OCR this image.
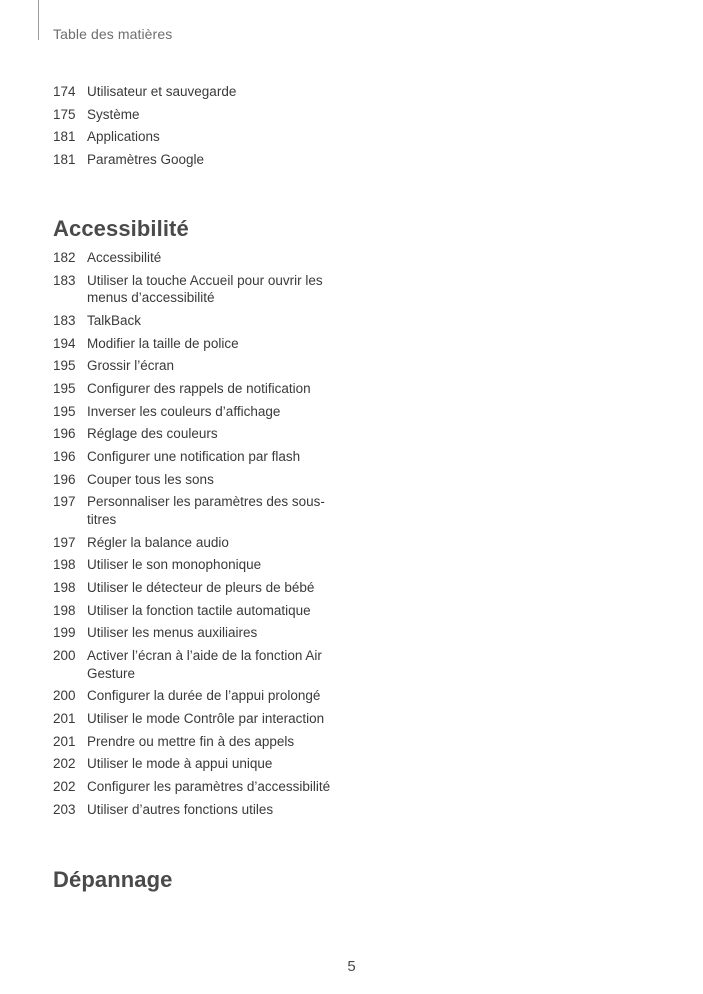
Table des matières
174 Utilisateur et sauvegarde
175 Système
181 Applications
181 Paramètres Google
Accessibilité
182 Accessibilité
183 Utiliser la touche Accueil pour ouvrir les menus d’accessibilité
183 TalkBack
194 Modifier la taille de police
195 Grossir l’écran
195 Configurer des rappels de notification
195 Inverser les couleurs d’affichage
196 Réglage des couleurs
196 Configurer une notification par flash
196 Couper tous les sons
197 Personnaliser les paramètres des sous-titres
197 Régler la balance audio
198 Utiliser le son monophonique
198 Utiliser le détecteur de pleurs de bébé
198 Utiliser la fonction tactile automatique
199 Utiliser les menus auxiliaires
200 Activer l’écran à l’aide de la fonction Air Gesture
200 Configurer la durée de l’appui prolongé
201 Utiliser le mode Contrôle par interaction
201 Prendre ou mettre fin à des appels
202 Utiliser le mode à appui unique
202 Configurer les paramètres d’accessibilité
203 Utiliser d’autres fonctions utiles
Dépannage
5
